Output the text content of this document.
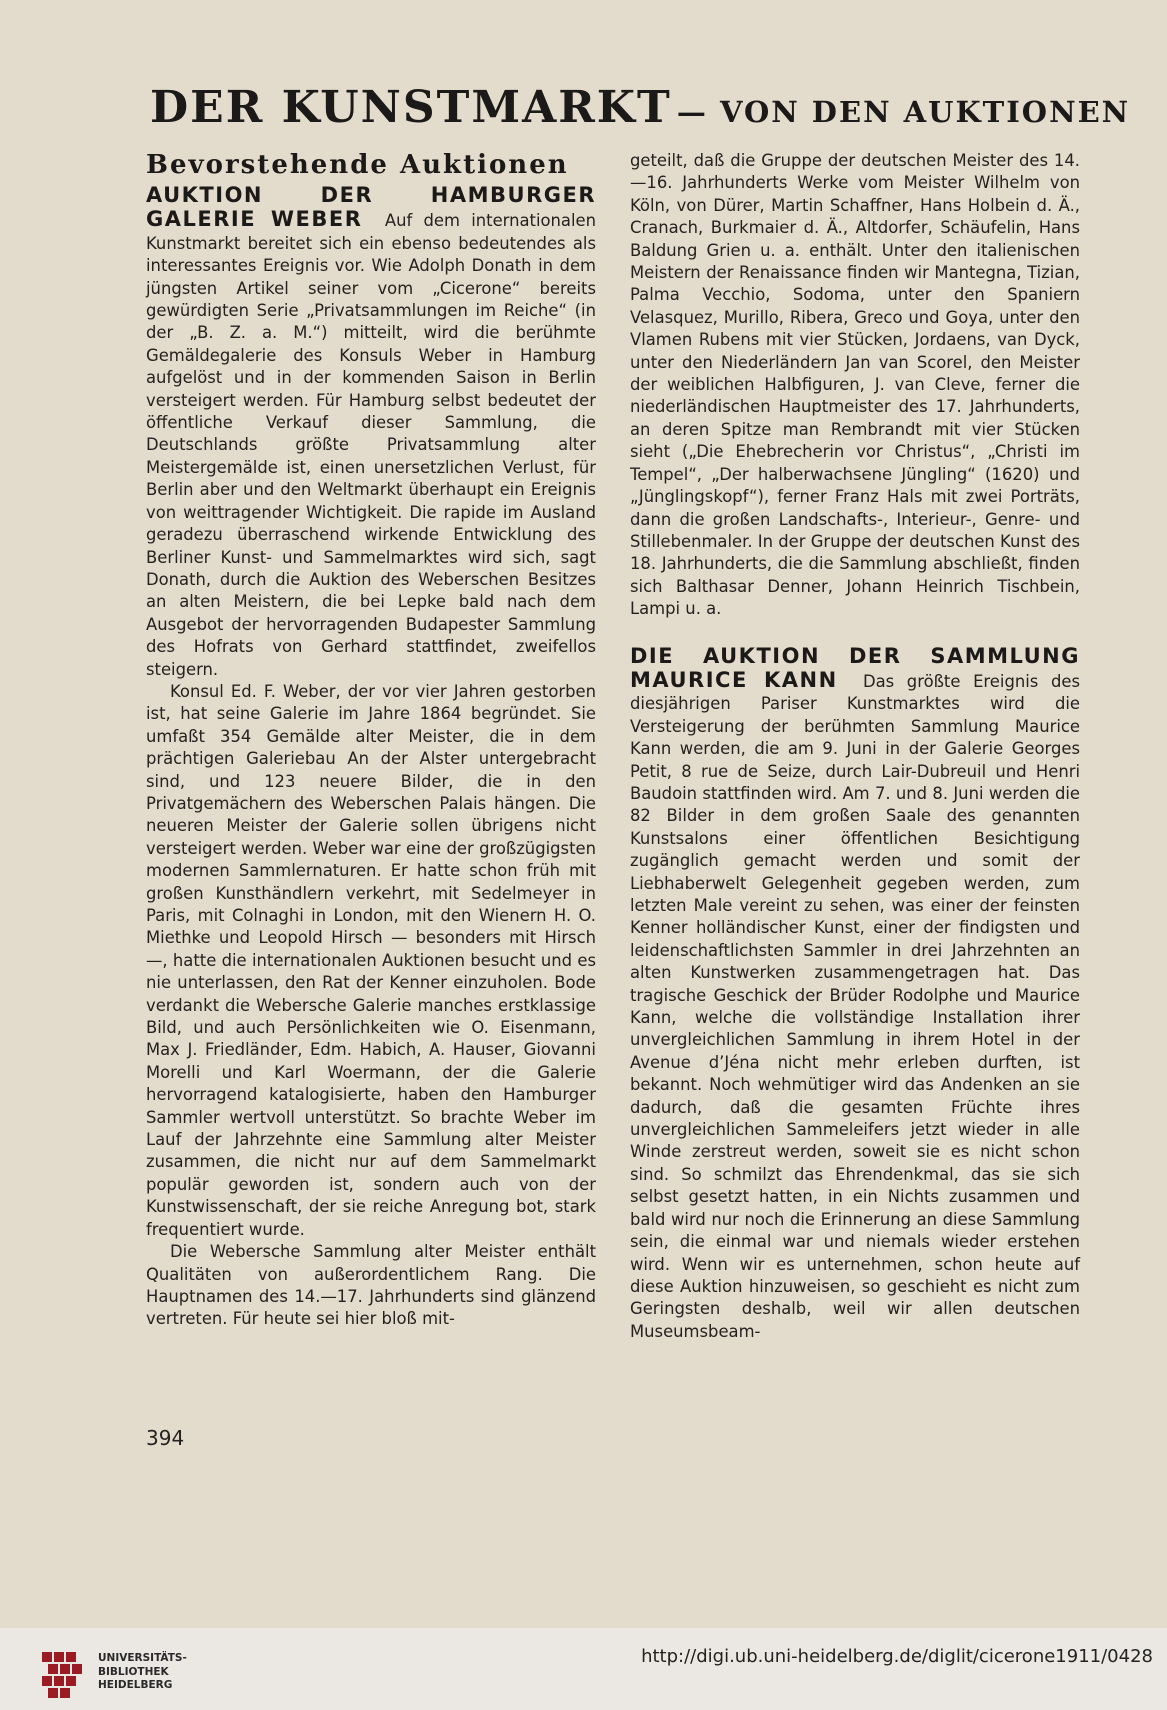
DER KUNSTMARKT — VON DEN AUKTIONEN
Bevorstehende Auktionen

AUKTION DER HAMBURGER GALERIE WEBER Auf dem internationalen Kunstmarkt bereitet sich ein ebenso bedeutendes als interessantes Ereignis vor. Wie Adolph Donath in dem jüngsten Artikel seiner vom „Cicerone“ bereits gewürdigten Serie „Privatsammlungen im Reiche“ (in der „B. Z. a. M.“) mitteilt, wird die berühmte Gemäldegalerie des Konsuls Weber in Hamburg aufgelöst und in der kommenden Saison in Berlin versteigert werden. Für Hamburg selbst bedeutet der öffentliche Verkauf dieser Sammlung, die Deutschlands größte Privatsammlung alter Meistergemälde ist, einen unersetzlichen Verlust, für Berlin aber und den Weltmarkt überhaupt ein Ereignis von weittragender Wichtigkeit. Die rapide im Ausland geradezu überraschend wirkende Entwicklung des Berliner Kunst- und Sammelmarktes wird sich, sagt Donath, durch die Auktion des Weberschen Besitzes an alten Meistern, die bei Lepke bald nach dem Ausgebot der hervorragenden Budapester Sammlung des Hofrats von Gerhard stattfindet, zweifellos steigern.

Konsul Ed. F. Weber, der vor vier Jahren gestorben ist, hat seine Galerie im Jahre 1864 begründet. Sie umfaßt 354 Gemälde alter Meister, die in dem prächtigen Galeriebau An der Alster untergebracht sind, und 123 neuere Bilder, die in den Privatgemächern des Weberschen Palais hängen. Die neueren Meister der Galerie sollen übrigens nicht versteigert werden. Weber war eine der großzügigsten modernen Sammlernaturen. Er hatte schon früh mit großen Kunsthändlern verkehrt, mit Sedelmeyer in Paris, mit Colnaghi in London, mit den Wienern H. O. Miethke und Leopold Hirsch — besonders mit Hirsch —, hatte die internationalen Auktionen besucht und es nie unterlassen, den Rat der Kenner einzuholen. Bode verdankt die Webersche Galerie manches erstklassige Bild, und auch Persönlichkeiten wie O. Eisenmann, Max J. Friedländer, Edm. Habich, A. Hauser, Giovanni Morelli und Karl Woermann, der die Galerie hervorragend katalogisierte, haben den Hamburger Sammler wertvoll unterstützt. So brachte Weber im Lauf der Jahrzehnte eine Sammlung alter Meister zusammen, die nicht nur auf dem Sammelmarkt populär geworden ist, sondern auch von der Kunstwissenschaft, der sie reiche Anregung bot, stark frequentiert wurde.

Die Webersche Sammlung alter Meister enthält Qualitäten von außerordentlichem Rang. Die Hauptnamen des 14.—17. Jahrhunderts sind glänzend vertreten. Für heute sei hier bloß mit-

geteilt, daß die Gruppe der deutschen Meister des 14.—16. Jahrhunderts Werke vom Meister Wilhelm von Köln, von Dürer, Martin Schaffner, Hans Holbein d. Ä., Cranach, Burkmaier d. Ä., Altdorfer, Schäufelin, Hans Baldung Grien u. a. enthält. Unter den italienischen Meistern der Renaissance finden wir Mantegna, Tizian, Palma Vecchio, Sodoma, unter den Spaniern Velasquez, Murillo, Ribera, Greco und Goya, unter den Vlamen Rubens mit vier Stücken, Jordaens, van Dyck, unter den Niederländern Jan van Scorel, den Meister der weiblichen Halbfiguren, J. van Cleve, ferner die niederländischen Hauptmeister des 17. Jahrhunderts, an deren Spitze man Rembrandt mit vier Stücken sieht („Die Ehebrecherin vor Christus“, „Christi im Tempel“, „Der halberwachsene Jüngling“ (1620) und „Jünglingskopf“), ferner Franz Hals mit zwei Porträts, dann die großen Landschafts-, Interieur-, Genre- und Stillebenmaler. In der Gruppe der deutschen Kunst des 18. Jahrhunderts, die die Sammlung abschließt, finden sich Balthasar Denner, Johann Heinrich Tischbein, Lampi u. a.

DIE AUKTION DER SAMMLUNG MAURICE KANN Das größte Ereignis des diesjährigen Pariser Kunstmarktes wird die Versteigerung der berühmten Sammlung Maurice Kann werden, die am 9. Juni in der Galerie Georges Petit, 8 rue de Seize, durch Lair-Dubreuil und Henri Baudoin stattfinden wird. Am 7. und 8. Juni werden die 82 Bilder in dem großen Saale des genannten Kunstsalons einer öffentlichen Besichtigung zugänglich gemacht werden und somit der Liebhaberwelt Gelegenheit gegeben werden, zum letzten Male vereint zu sehen, was einer der feinsten Kenner holländischer Kunst, einer der findigsten und leidenschaftlichsten Sammler in drei Jahrzehnten an alten Kunstwerken zusammengetragen hat. Das tragische Geschick der Brüder Rodolphe und Maurice Kann, welche die vollständige Installation ihrer unvergleichlichen Sammlung in ihrem Hotel in der Avenue d’Jéna nicht mehr erleben durften, ist bekannt. Noch wehmütiger wird das Andenken an sie dadurch, daß die gesamten Früchte ihres unvergleichlichen Sammeleifers jetzt wieder in alle Winde zerstreut werden, soweit sie es nicht schon sind. So schmilzt das Ehrendenkmal, das sie sich selbst gesetzt hatten, in ein Nichts zusammen und bald wird nur noch die Erinnerung an diese Sammlung sein, die einmal war und niemals wieder erstehen wird. Wenn wir es unternehmen, schon heute auf diese Auktion hinzuweisen, so geschieht es nicht zum Geringsten deshalb, weil wir allen deutschen Museumsbeam-

394
UNIVERSITÄTS-
BIBLIOTHEK
HEIDELBERG
http://digi.ub.uni-heidelberg.de/diglit/cicerone1911/0428
